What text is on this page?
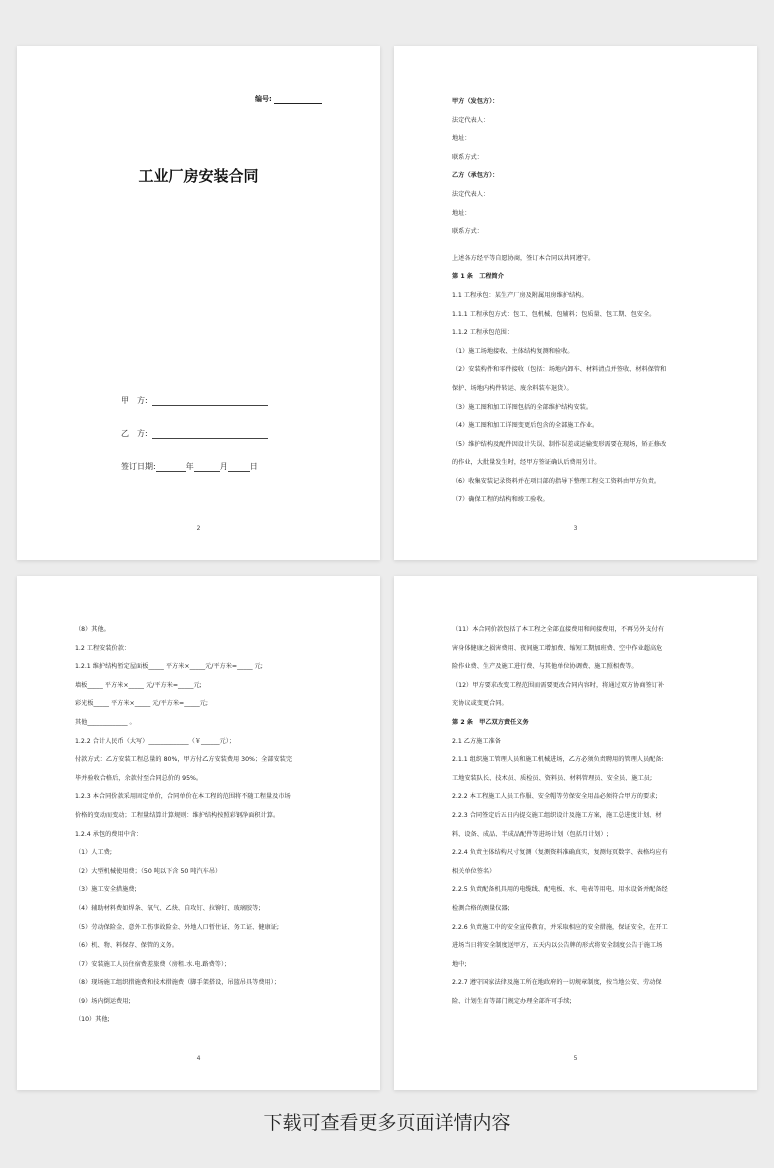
编号:
工业厂房安装合同
甲　方:
乙　方:
签订日期:	年	月	日
2

甲方（发包方）：

法定代表人：

地址：

联系方式：

乙方（承包方）：

法定代表人：

地址：

联系方式：

上述各方经平等自愿协商，签订本合同以共同遵守。

第 1 条　工程简介

1.1 工程承包：某生产厂房及附属用房维护结构。

1.1.1 工程承包方式：包工、包机械、包辅料；包质量、包工期、包安全。

1.1.2 工程承包范围：

（1）施工场地接收、主体结构复测和验收。

（2）安装构件和零件接收（包括：场地内卸车、材料清点并签收、材料保管和

保护、场地内构件转运、废余料装车退货）。

（3）施工图和加工详图包括的全部维护结构安装。

（4）施工图和加工详图变更后包含的全部施工作业。

（5）维护结构及配件因设计失误、制作误差或运输变形需要在现场，矫正修改

的作业，大批量发生时，经甲方签证确认后费用另计。

（6）收集安装记录资料并在项目部的指导下整理工程交工资料由甲方负责。

（7）确保工程的结构和竣工验收。

3

（8）其他。

1.2 工程安装价款：

1.2.1 维护结构暂定屋面板_____ 平方米×_____元/平方米=_____ 元;

墙板_____ 平方米×_____ 元/平方米=_____元;

彩光板_____ 平方米×_____ 元/平方米=_____元;

其他_____________ 。

1.2.2 合计人民币（大写）_____________（￥______元）；

付款方式：乙方安装工程总量的 80%，甲方付乙方安装费用 30%；全部安装完

毕并验收合格后，余款付至合同总价的 95%。

1.2.3 本合同价款采用固定单价，合同单价在本工程的范围将不随工程量及市场

价格的变动而变动；工程量结算计算规则：维护结构按照彩钢净面积计算。

1.2.4 承包的费用中含：

（1）人工费;

（2）大型机械使用费；（50 吨以下含 50 吨汽车吊）

（3）施工安全措施费;

（4）辅助材料费如焊条、氧气、乙炔、自攻钉、拉铆钉、玻璃胶等;

（5）劳动保险金、意外工伤事故险金、外地人口暂住证、务工证、健康证;

（6）机、物、料保存、保管的义务。

（7）安装施工人员住宿费差旅费（房租.水.电.路费等）；

（8）现场施工组织措施费和技术措施费（脚手架搭设，吊篮吊具等费用）；

（9）场内倒运费用;

（10）其他;

4

（11）本合同价款包括了本工程之全部直接费用和间接费用，不再另外支付有

害身体健康之损害费用、夜间施工增加费、缩短工期加班费、空中作业超高危

险作业费、生产及施工进行费、与其他单位协调费、施工照相费等。

（12）甲方要求改变工程范围而需要更改合同内容时，将通过双方协商签订补

充协议或变更合同。

第 2 条　甲乙双方责任义务

2.1 乙方施工准备

2.1.1 组织施工管理人员和施工机械进场，乙方必须负责聘用的管理人员配备:

工地安装队长、技术员、质检员、资料员、材料管理员、安全员、施工员;

2.2.2 本工程施工人员工作服、安全帽等劳保安全用品必须符合甲方的要求;

2.2.3 合同签定后五日内提交施工组织设计及施工方案，施工总进度计划、材

料、设备、成品、半成品配件等进场计划（包括月计划）;

2.2.4 负责主体结构尺寸复测（复测资料准确真实，复测每页数字、表格均应有

相关单位签名）

2.2.5 负责配备机具用的电缆线、配电板、水、电表等用电、用水设备并配备经

检测合格的测量仪器;

2.2.6 负责施工中的安全宣传教育，并采取相应的安全措施，保证安全，在开工

进场当日将安全制度送甲方，五天内以公告牌的形式将安全制度公告于施工场

地中;

2.2.7 遵守国家法律及施工所在地政府的一切规章制度，按当地公安、劳动保

险、计划生育等部门规定办理全部许可手续;

5
下载可查看更多页面详情内容
